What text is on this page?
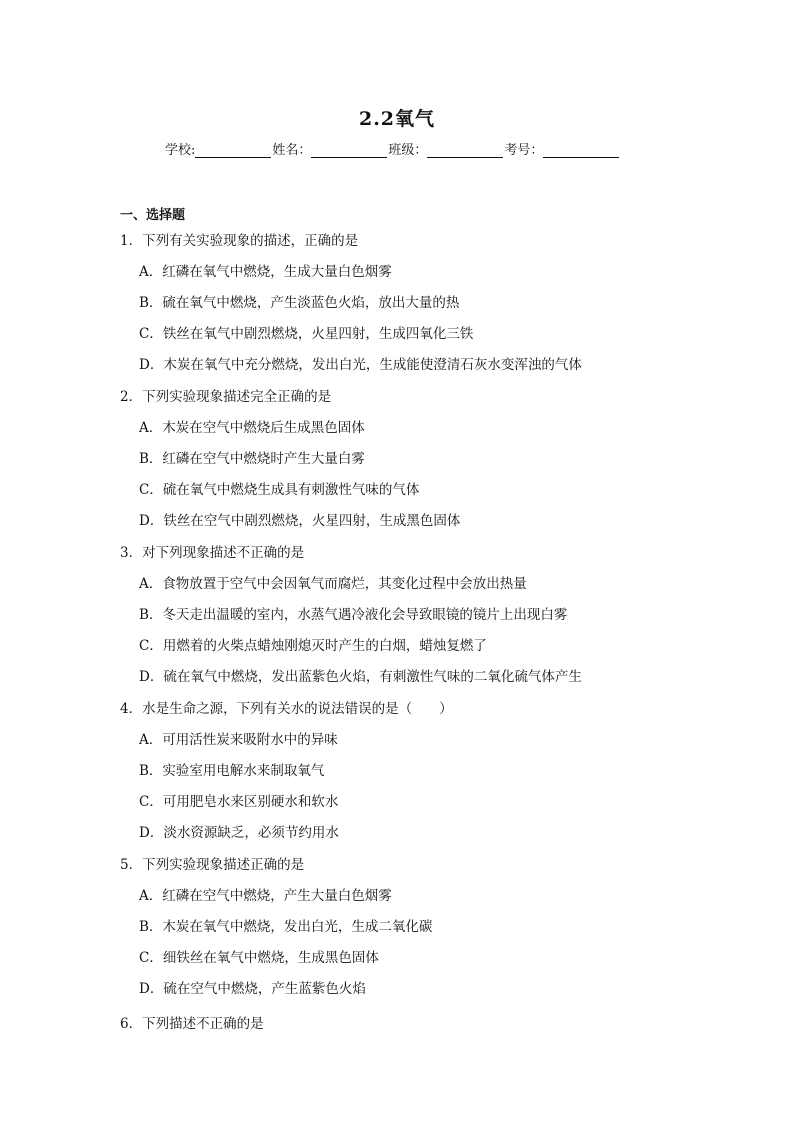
2.2氧气
学校:	姓名：	班级：	考号：
一、选择题
1．下列有关实验现象的描述，正确的是
A．红磷在氧气中燃烧，生成大量白色烟雾
B．硫在氧气中燃烧，产生淡蓝色火焰，放出大量的热
C．铁丝在氧气中剧烈燃烧，火星四射，生成四氧化三铁
D．木炭在氧气中充分燃烧，发出白光，生成能使澄清石灰水变浑浊的气体
2．下列实验现象描述完全正确的是
A．木炭在空气中燃烧后生成黑色固体
B．红磷在空气中燃烧时产生大量白雾
C．硫在氧气中燃烧生成具有刺激性气味的气体
D．铁丝在空气中剧烈燃烧，火星四射，生成黑色固体
3．对下列现象描述不正确的是
A．食物放置于空气中会因氧气而腐烂，其变化过程中会放出热量
B．冬天走出温暖的室内，水蒸气遇冷液化会导致眼镜的镜片上出现白雾
C．用燃着的火柴点蜡烛刚熄灭时产生的白烟，蜡烛复燃了
D．硫在氧气中燃烧，发出蓝紫色火焰，有刺激性气味的二氧化硫气体产生
4．水是生命之源，下列有关水的说法错误的是（　　）
A．可用活性炭来吸附水中的异味
B．实验室用电解水来制取氧气
C．可用肥皂水来区别硬水和软水
D．淡水资源缺乏，必须节约用水
5．下列实验现象描述正确的是
A．红磷在空气中燃烧，产生大量白色烟雾
B．木炭在氧气中燃烧，发出白光，生成二氧化碳
C．细铁丝在氧气中燃烧，生成黑色固体
D．硫在空气中燃烧，产生蓝紫色火焰
6．下列描述不正确的是
